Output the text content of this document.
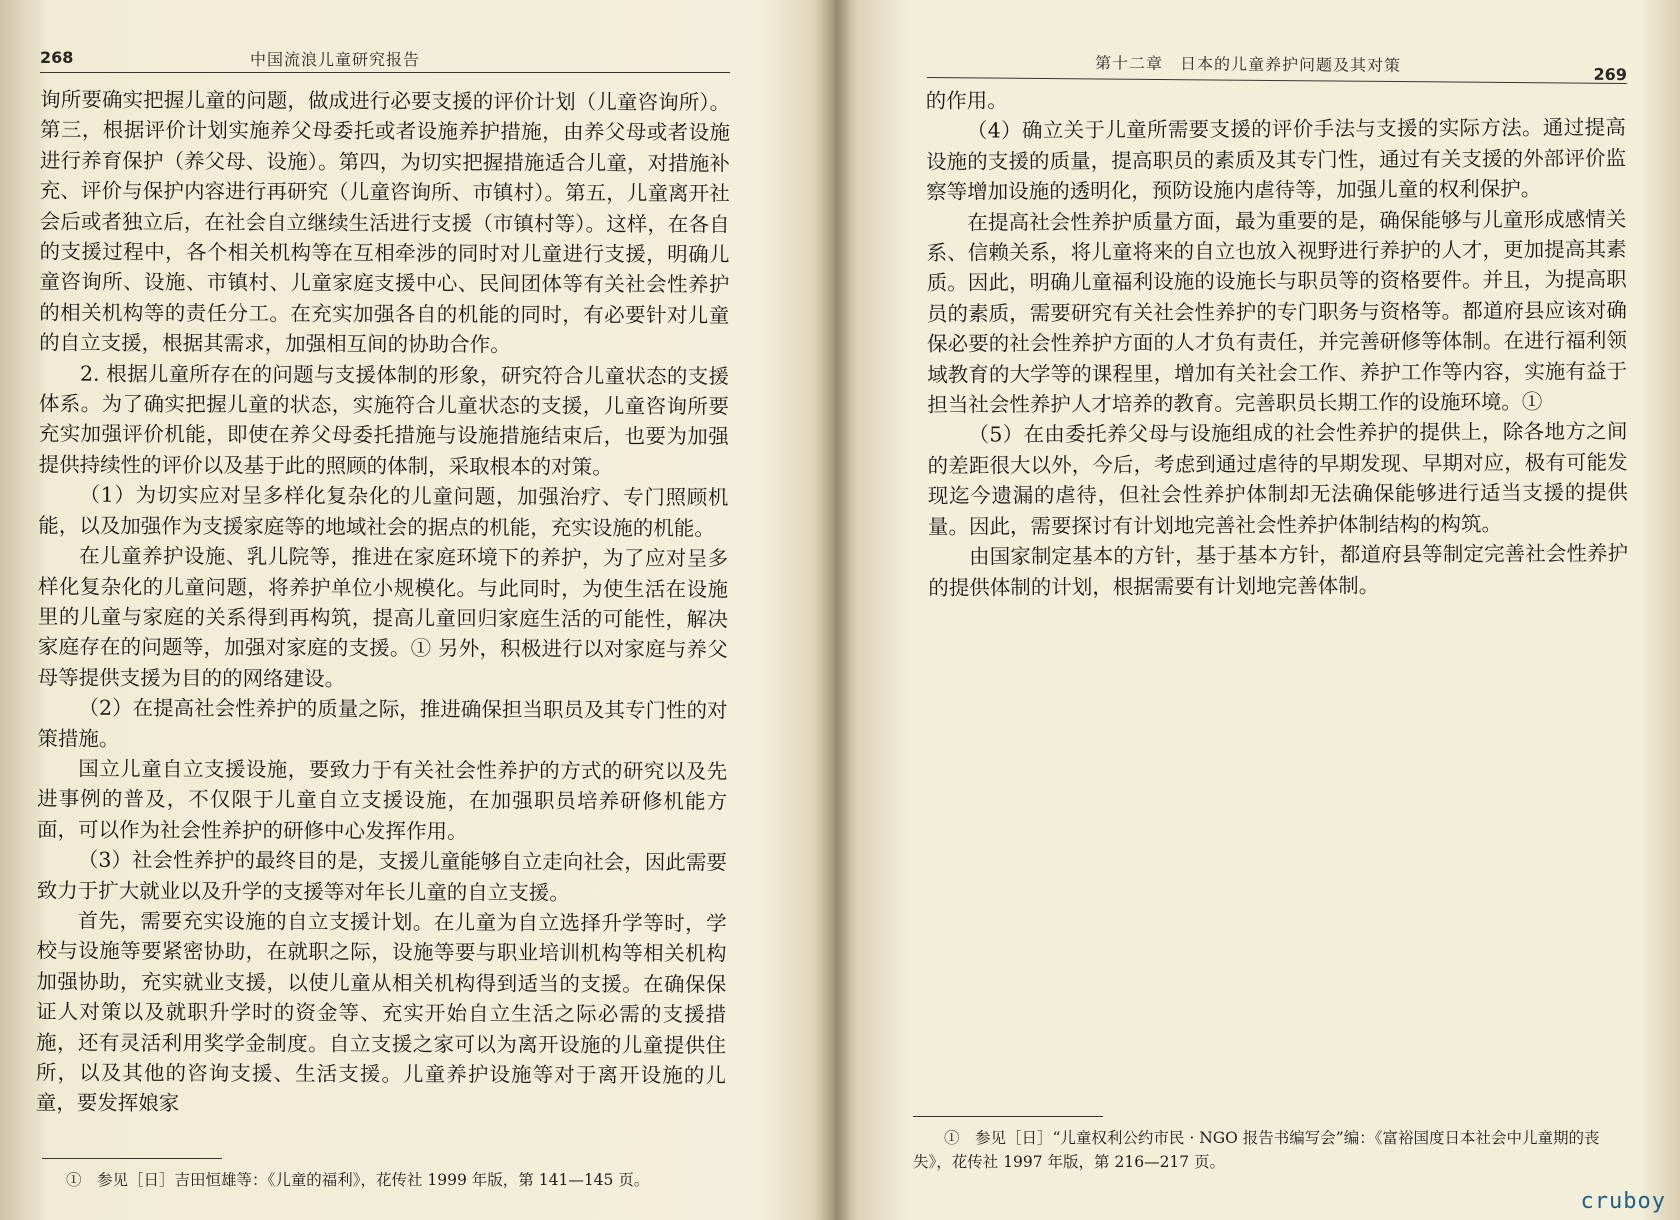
268	中国流浪儿童研究报告

询所要确实把握儿童的问题，做成进行必要支援的评价计划（儿童咨询所）。第三，根据评价计划实施养父母委托或者设施养护措施，由养父母或者设施进行养育保护（养父母、设施）。第四，为切实把握措施适合儿童，对措施补充、评价与保护内容进行再研究（儿童咨询所、市镇村）。第五，儿童离开社会后或者独立后，在社会自立继续生活进行支援（市镇村等）。这样，在各自的支援过程中，各个相关机构等在互相牵涉的同时对儿童进行支援，明确儿童咨询所、设施、市镇村、儿童家庭支援中心、民间团体等有关社会性养护的相关机构等的责任分工。在充实加强各自的机能的同时，有必要针对儿童的自立支援，根据其需求，加强相互间的协助合作。

2. 根据儿童所存在的问题与支援体制的形象，研究符合儿童状态的支援体系。为了确实把握儿童的状态，实施符合儿童状态的支援，儿童咨询所要充实加强评价机能，即使在养父母委托措施与设施措施结束后，也要为加强提供持续性的评价以及基于此的照顾的体制，采取根本的对策。

（1）为切实应对呈多样化复杂化的儿童问题，加强治疗、专门照顾机能，以及加强作为支援家庭等的地域社会的据点的机能，充实设施的机能。

在儿童养护设施、乳儿院等，推进在家庭环境下的养护，为了应对呈多样化复杂化的儿童问题，将养护单位小规模化。与此同时，为使生活在设施里的儿童与家庭的关系得到再构筑，提高儿童回归家庭生活的可能性，解决家庭存在的问题等，加强对家庭的支援。① 另外，积极进行以对家庭与养父母等提供支援为目的的网络建设。

（2）在提高社会性养护的质量之际，推进确保担当职员及其专门性的对策措施。

国立儿童自立支援设施，要致力于有关社会性养护的方式的研究以及先进事例的普及，不仅限于儿童自立支援设施，在加强职员培养研修机能方面，可以作为社会性养护的研修中心发挥作用。

（3）社会性养护的最终目的是，支援儿童能够自立走向社会，因此需要致力于扩大就业以及升学的支援等对年长儿童的自立支援。

首先，需要充实设施的自立支援计划。在儿童为自立选择升学等时，学校与设施等要紧密协助，在就职之际，设施等要与职业培训机构等相关机构加强协助，充实就业支援，以使儿童从相关机构得到适当的支援。在确保保证人对策以及就职升学时的资金等、充实开始自立生活之际必需的支援措施，还有灵活利用奖学金制度。自立支援之家可以为离开设施的儿童提供住所，以及其他的咨询支援、生活支援。儿童养护设施等对于离开设施的儿童，要发挥娘家

①　参见［日］吉田恒雄等：《儿童的福利》，花传社 1999 年版，第 141—145 页。
第十二章　日本的儿童养护问题及其对策	269

的作用。

（4）确立关于儿童所需要支援的评价手法与支援的实际方法。通过提高设施的支援的质量，提高职员的素质及其专门性，通过有关支援的外部评价监察等增加设施的透明化，预防设施内虐待等，加强儿童的权利保护。

在提高社会性养护质量方面，最为重要的是，确保能够与儿童形成感情关系、信赖关系，将儿童将来的自立也放入视野进行养护的人才，更加提高其素质。因此，明确儿童福利设施的设施长与职员等的资格要件。并且，为提高职员的素质，需要研究有关社会性养护的专门职务与资格等。都道府县应该对确保必要的社会性养护方面的人才负有责任，并完善研修等体制。在进行福利领域教育的大学等的课程里，增加有关社会工作、养护工作等内容，实施有益于担当社会性养护人才培养的教育。完善职员长期工作的设施环境。①

（5）在由委托养父母与设施组成的社会性养护的提供上，除各地方之间的差距很大以外，今后，考虑到通过虐待的早期发现、早期对应，极有可能发现迄今遗漏的虐待，但社会性养护体制却无法确保能够进行适当支援的提供量。因此，需要探讨有计划地完善社会性养护体制结构的构筑。

由国家制定基本的方针，基于基本方针，都道府县等制定完善社会性养护的提供体制的计划，根据需要有计划地完善体制。

①　参见［日］“儿童权利公约市民 · NGO 报告书编写会”编：《富裕国度日本社会中儿童期的丧失》，花传社 1997 年版，第 216—217 页。
cruboy
